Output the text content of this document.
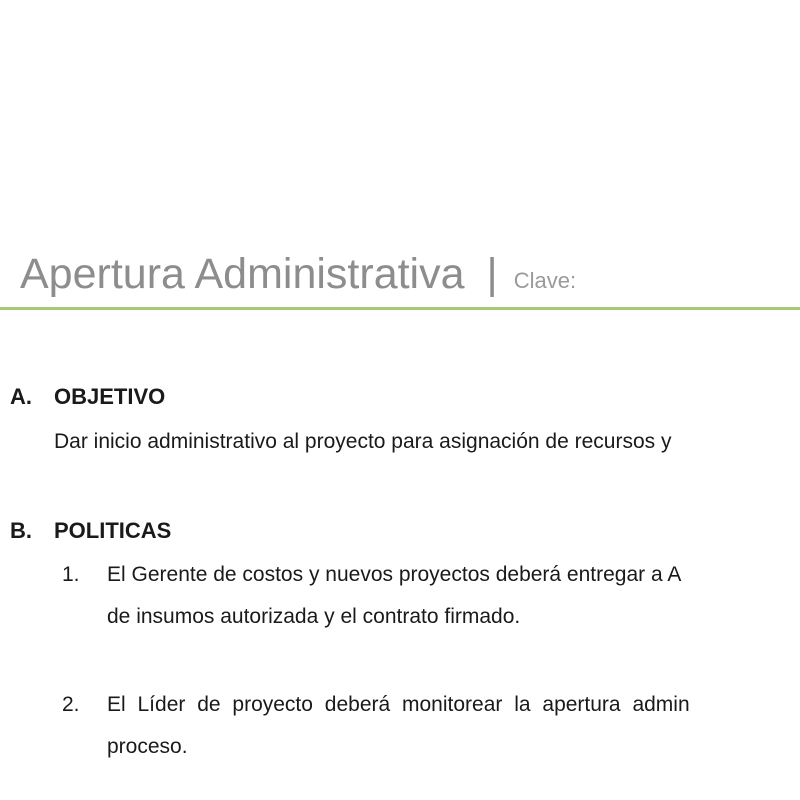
Apertura Administrativa | Clave:
A. OBJETIVO
Dar inicio administrativo al proyecto para asignación de recursos y
B. POLITICAS
1. El Gerente de costos y nuevos proyectos deberá entregar a A
de insumos autorizada y el contrato firmado.
2. El Líder de proyecto deberá monitorear la apertura admin
proceso.
